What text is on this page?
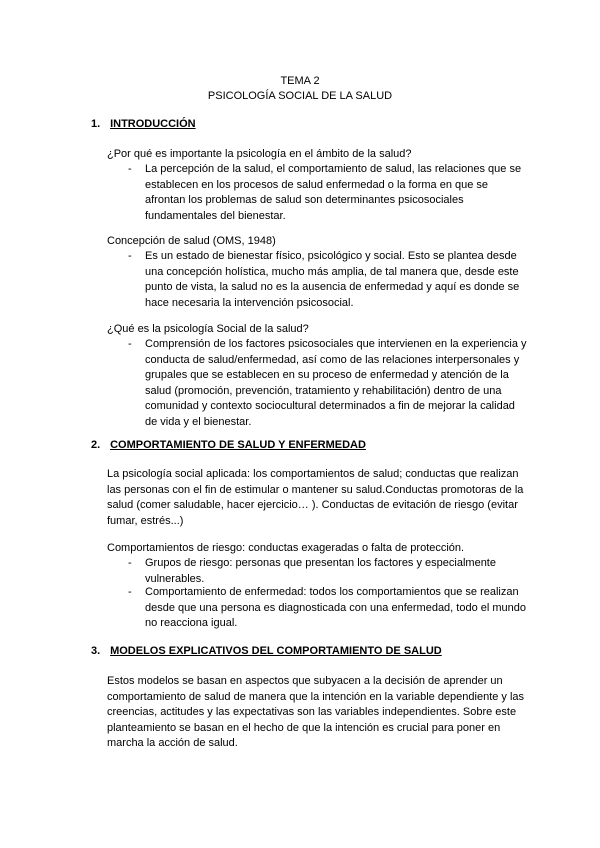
TEMA 2
PSICOLOGÍA SOCIAL DE LA SALUD
1. INTRODUCCIÓN
¿Por qué es importante la psicología en el ámbito de la salud?
- La percepción de la salud, el comportamiento de salud, las relaciones que se establecen en los procesos de salud enfermedad o la forma en que se afrontan los problemas de salud son determinantes psicosociales fundamentales del bienestar.
Concepción de salud (OMS, 1948)
- Es un estado de bienestar físico, psicológico y social. Esto se plantea desde una concepción holística, mucho más amplia, de tal manera que, desde este punto de vista, la salud no es la ausencia de enfermedad y aquí es donde se hace necesaria la intervención psicosocial.
¿Qué es la psicología Social de la salud?
- Comprensión de los factores psicosociales que intervienen en la experiencia y conducta de salud/enfermedad, así como de las relaciones interpersonales y grupales que se establecen en su proceso de enfermedad y atención de la salud (promoción, prevención, tratamiento y rehabilitación) dentro de una comunidad y contexto sociocultural determinados a fin de mejorar la calidad de vida y el bienestar.
2. COMPORTAMIENTO DE SALUD Y ENFERMEDAD
La psicología social aplicada: los comportamientos de salud; conductas que realizan las personas con el fin de estimular o mantener su salud.Conductas promotoras de la salud (comer saludable, hacer ejercicio… ). Conductas de evitación de riesgo (evitar fumar, estrés...)
Comportamientos de riesgo: conductas exageradas o falta de protección.
- Grupos de riesgo: personas que presentan los factores y especialmente vulnerables.
- Comportamiento de enfermedad: todos los comportamientos que se realizan desde que una persona es diagnosticada con una enfermedad, todo el mundo no reacciona igual.
3. MODELOS EXPLICATIVOS DEL COMPORTAMIENTO DE SALUD
Estos modelos se basan en aspectos que subyacen a la decisión de aprender un comportamiento de salud de manera que la intención en la variable dependiente y las creencias, actitudes y las expectativas son las variables independientes. Sobre este planteamiento se basan en el hecho de que la intención es crucial para poner en marcha la acción de salud.
